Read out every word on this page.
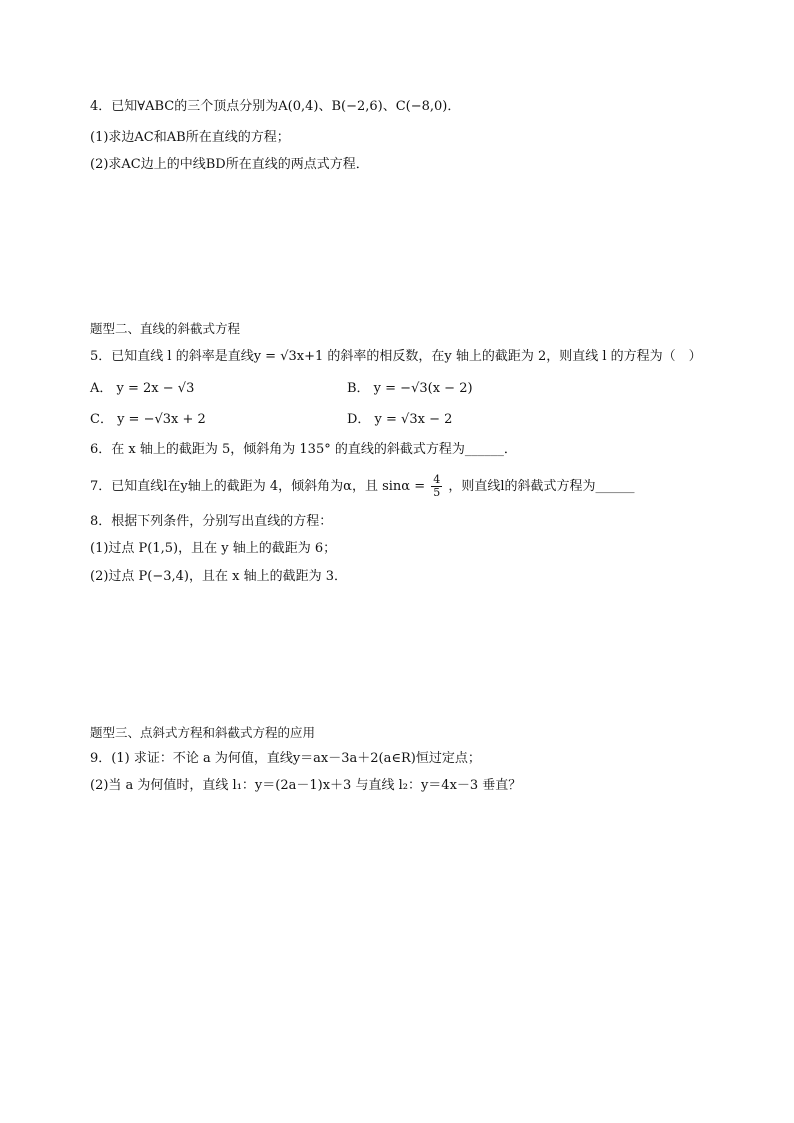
4．已知∀ABC的三个顶点分别为A(0,4)、B(−2,6)、C(−8,0)．
(1)求边AC和AB所在直线的方程；
(2)求AC边上的中线BD所在直线的两点式方程．
题型二、直线的斜截式方程
5．已知直线 l 的斜率是直线y = √3x+1 的斜率的相反数，在y 轴上的截距为 2，则直线 l 的方程为（　）
A． y = 2x − √3	B． y = −√3(x − 2)
C． y = −√3x + 2	D． y = √3x − 2
6．在 x 轴上的截距为 5，倾斜角为 135° 的直线的斜截式方程为______．
7．已知直线l在y轴上的截距为 4，倾斜角为α，且 $\sin\alpha = \frac{4}{5}$ ，则直线l的斜截式方程为______
8．根据下列条件，分别写出直线的方程：
(1)过点 P(1,5)，且在 y 轴上的截距为 6；
(2)过点 P(−3,4)，且在 x 轴上的截距为 3．
题型三、点斜式方程和斜截式方程的应用
9．(1) 求证：不论 a 为何值，直线y＝ax－3a＋2(a∈R)恒过定点；
(2)当 a 为何值时，直线 l₁：y＝(2a－1)x＋3 与直线 l₂：y＝4x－3 垂直？
